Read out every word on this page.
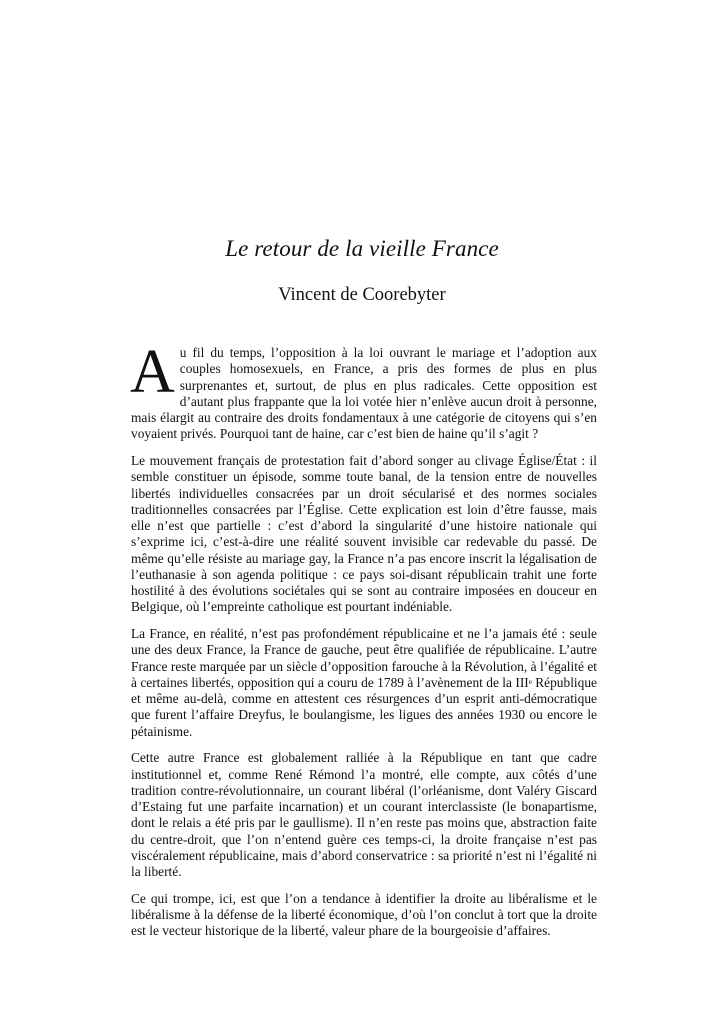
Le retour de la vieille France
Vincent de Coorebyter

Au fil du temps, l’opposition à la loi ouvrant le mariage et l’adoption aux couples homosexuels, en France, a pris des formes de plus en plus surprenantes et, surtout, de plus en plus radicales. Cette opposition est d’autant plus frappante que la loi votée hier n’enlève aucun droit à personne, mais élargit au contraire des droits fondamentaux à une catégorie de citoyens qui s’en voyaient privés. Pourquoi tant de haine, car c’est bien de haine qu’il s’agit ?

Le mouvement français de protestation fait d’abord songer au clivage Église/État : il semble constituer un épisode, somme toute banal, de la tension entre de nouvelles libertés individuelles consacrées par un droit sécularisé et des normes sociales traditionnelles consacrées par l’Église. Cette explication est loin d’être fausse, mais elle n’est que partielle : c’est d’abord la singularité d’une histoire nationale qui s’exprime ici, c’est-à-dire une réalité souvent invisible car redevable du passé. De même qu’elle résiste au mariage gay, la France n’a pas encore inscrit la légalisation de l’euthanasie à son agenda politique : ce pays soi-disant républicain trahit une forte hostilité à des évolutions sociétales qui se sont au contraire imposées en douceur en Belgique, où l’empreinte catholique est pourtant indéniable.

La France, en réalité, n’est pas profondément républicaine et ne l’a jamais été : seule une des deux France, la France de gauche, peut être qualifiée de républicaine. L’autre France reste marquée par un siècle d’opposition farouche à la Révolution, à l’égalité et à certaines libertés, opposition qui a couru de 1789 à l’avènement de la IIIe République et même au-delà, comme en attestent ces résurgences d’un esprit anti-démocratique que furent l’affaire Dreyfus, le boulangisme, les ligues des années 1930 ou encore le pétainisme.

Cette autre France est globalement ralliée à la République en tant que cadre institutionnel et, comme René Rémond l’a montré, elle compte, aux côtés d’une tradition contre-révolutionnaire, un courant libéral (l’orléanisme, dont Valéry Giscard d’Estaing fut une parfaite incarnation) et un courant interclassiste (le bonapartisme, dont le relais a été pris par le gaullisme). Il n’en reste pas moins que, abstraction faite du centre-droit, que l’on n’entend guère ces temps-ci, la droite française n’est pas viscéralement républicaine, mais d’abord conservatrice : sa priorité n’est ni l’égalité ni la liberté.

Ce qui trompe, ici, est que l’on a tendance à identifier la droite au libéralisme et le libéralisme à la défense de la liberté économique, d’où l’on conclut à tort que la droite est le vecteur historique de la liberté, valeur phare de la bourgeoisie d’affaires.
